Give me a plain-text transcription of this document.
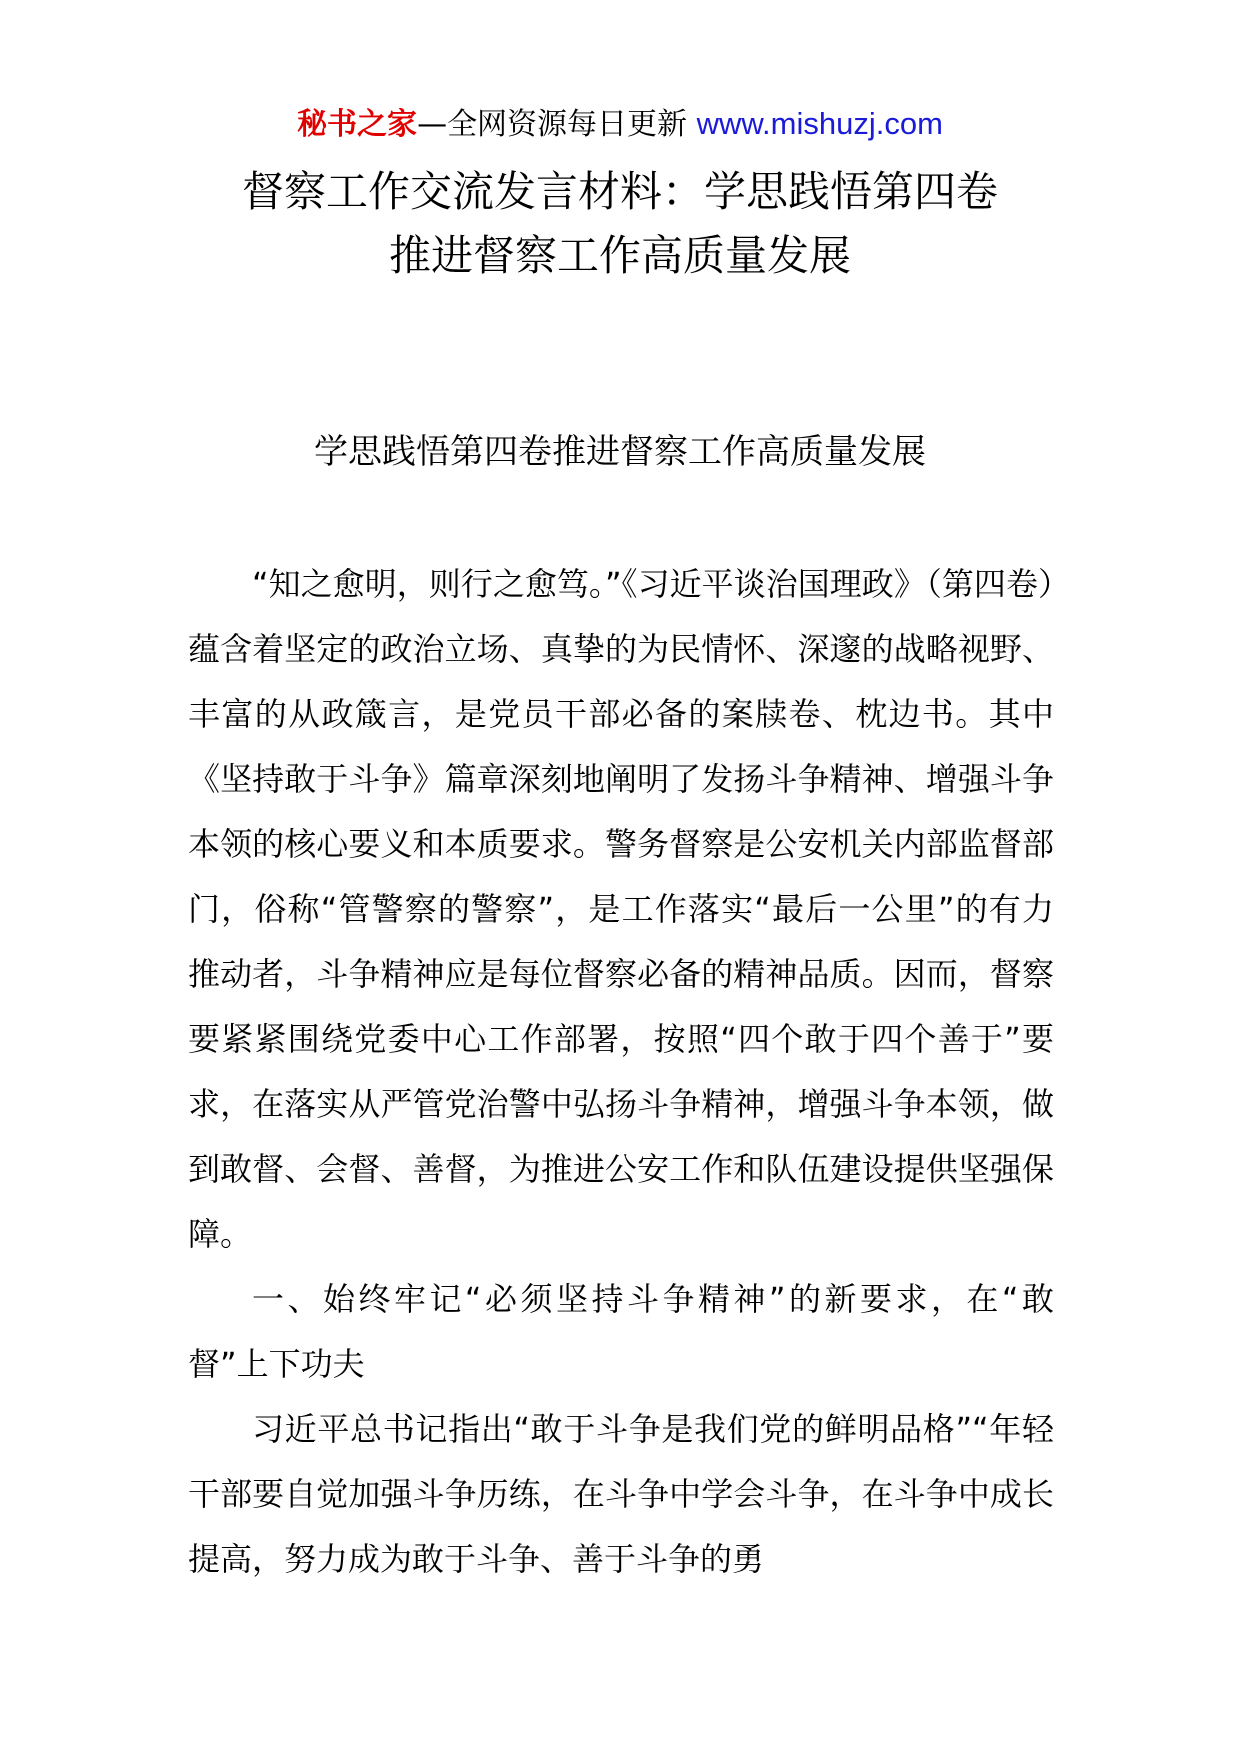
秘书之家—全网资源每日更新 www.mishuzj.com
督察工作交流发言材料：学思践悟第四卷
推进督察工作高质量发展
学思践悟第四卷推进督察工作高质量发展

“知之愈明，则行之愈笃。”《习近平谈治国理政》（第四卷）蕴含着坚定的政治立场、真挚的为民情怀、深邃的战略视野、丰富的从政箴言，是党员干部必备的案牍卷、枕边书。其中《坚持敢于斗争》篇章深刻地阐明了发扬斗争精神、增强斗争本领的核心要义和本质要求。警务督察是公安机关内部监督部门，俗称“管警察的警察”，是工作落实“最后一公里”的有力推动者，斗争精神应是每位督察必备的精神品质。因而，督察要紧紧围绕党委中心工作部署，按照“四个敢于四个善于”要求，在落实从严管党治警中弘扬斗争精神，增强斗争本领，做到敢督、会督、善督，为推进公安工作和队伍建设提供坚强保障。

一、始终牢记“必须坚持斗争精神”的新要求，在“敢督”上下功夫

习近平总书记指出“敢于斗争是我们党的鲜明品格”“年轻干部要自觉加强斗争历练，在斗争中学会斗争，在斗争中成长提高，努力成为敢于斗争、善于斗争的勇
